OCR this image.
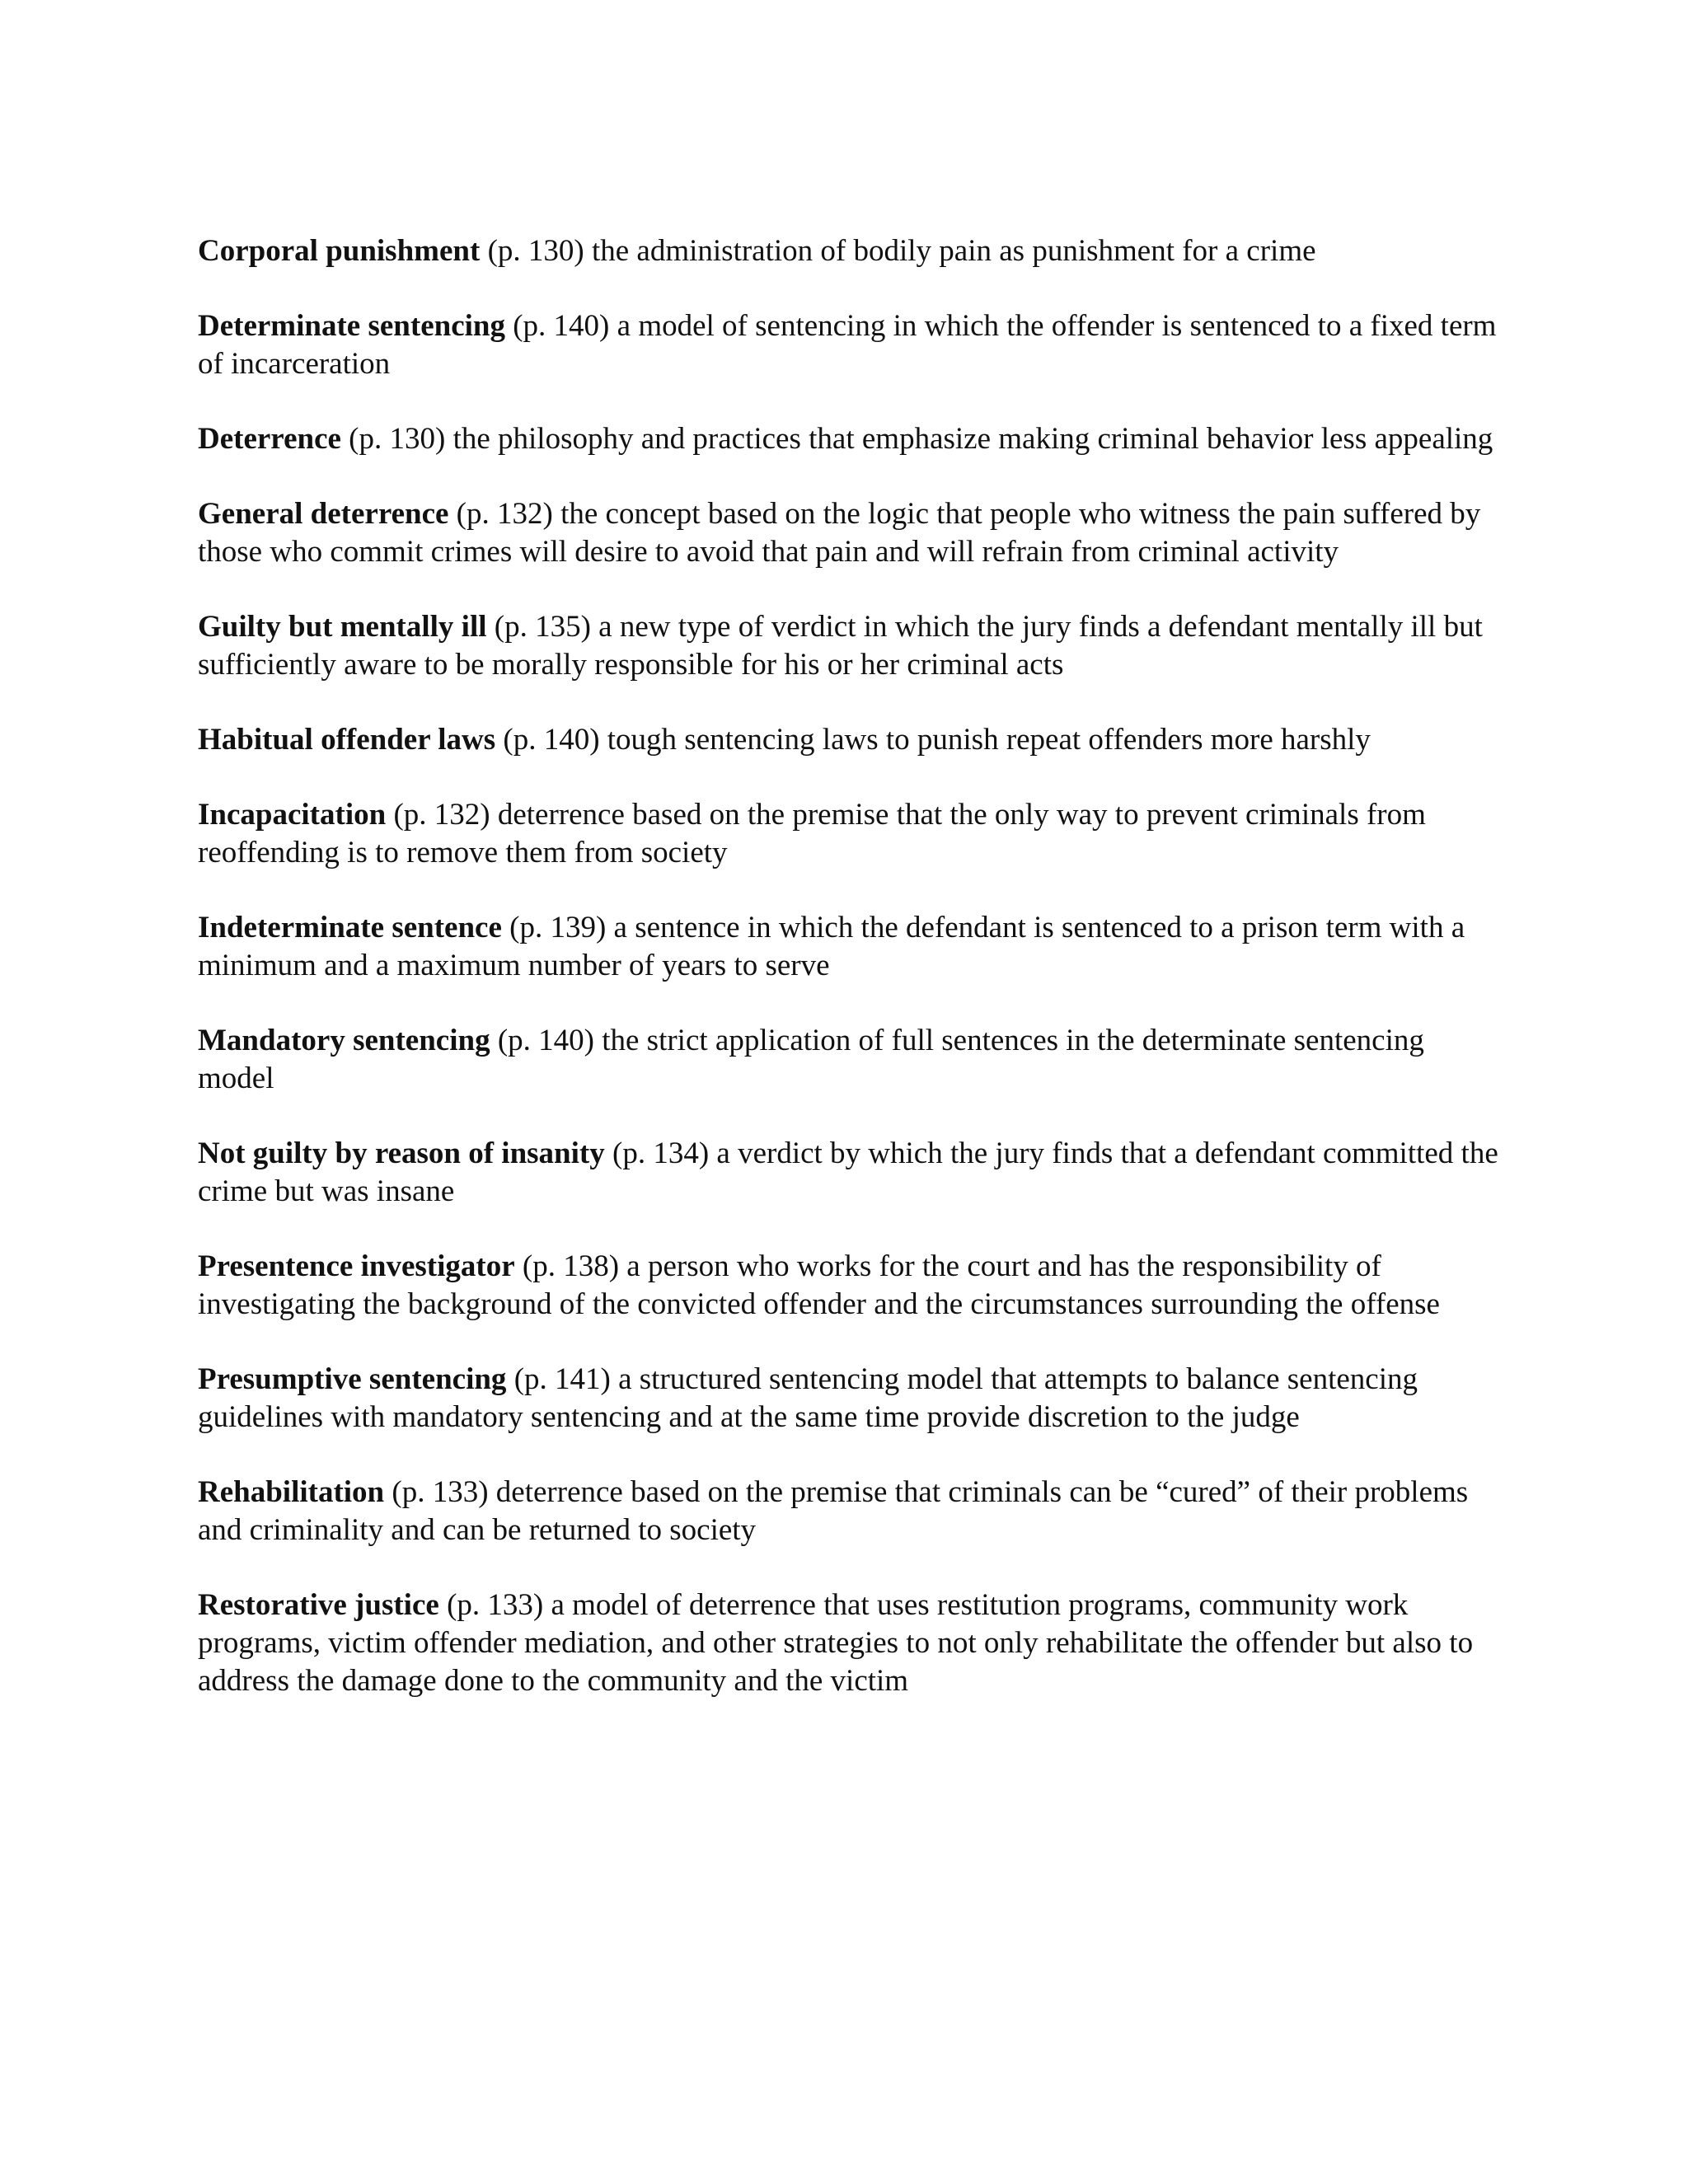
Corporal punishment (p. 130) the administration of bodily pain as punishment for a crime

Determinate sentencing (p. 140) a model of sentencing in which the offender is sentenced to a fixed term of incarceration

Deterrence (p. 130) the philosophy and practices that emphasize making criminal behavior less appealing

General deterrence (p. 132) the concept based on the logic that people who witness the pain suffered by those who commit crimes will desire to avoid that pain and will refrain from criminal activity

Guilty but mentally ill (p. 135) a new type of verdict in which the jury finds a defendant mentally ill but sufficiently aware to be morally responsible for his or her criminal acts

Habitual offender laws (p. 140) tough sentencing laws to punish repeat offenders more harshly

Incapacitation (p. 132) deterrence based on the premise that the only way to prevent criminals from reoffending is to remove them from society

Indeterminate sentence (p. 139) a sentence in which the defendant is sentenced to a prison term with a minimum and a maximum number of years to serve

Mandatory sentencing (p. 140) the strict application of full sentences in the determinate sentencing model

Not guilty by reason of insanity (p. 134) a verdict by which the jury finds that a defendant committed the crime but was insane

Presentence investigator (p. 138) a person who works for the court and has the responsibility of investigating the background of the convicted offender and the circumstances surrounding the offense

Presumptive sentencing (p. 141) a structured sentencing model that attempts to balance sentencing guidelines with mandatory sentencing and at the same time provide discretion to the judge

Rehabilitation (p. 133) deterrence based on the premise that criminals can be “cured” of their problems and criminality and can be returned to society

Restorative justice (p. 133) a model of deterrence that uses restitution programs, community work programs, victim offender mediation, and other strategies to not only rehabilitate the offender but also to address the damage done to the community and the victim
